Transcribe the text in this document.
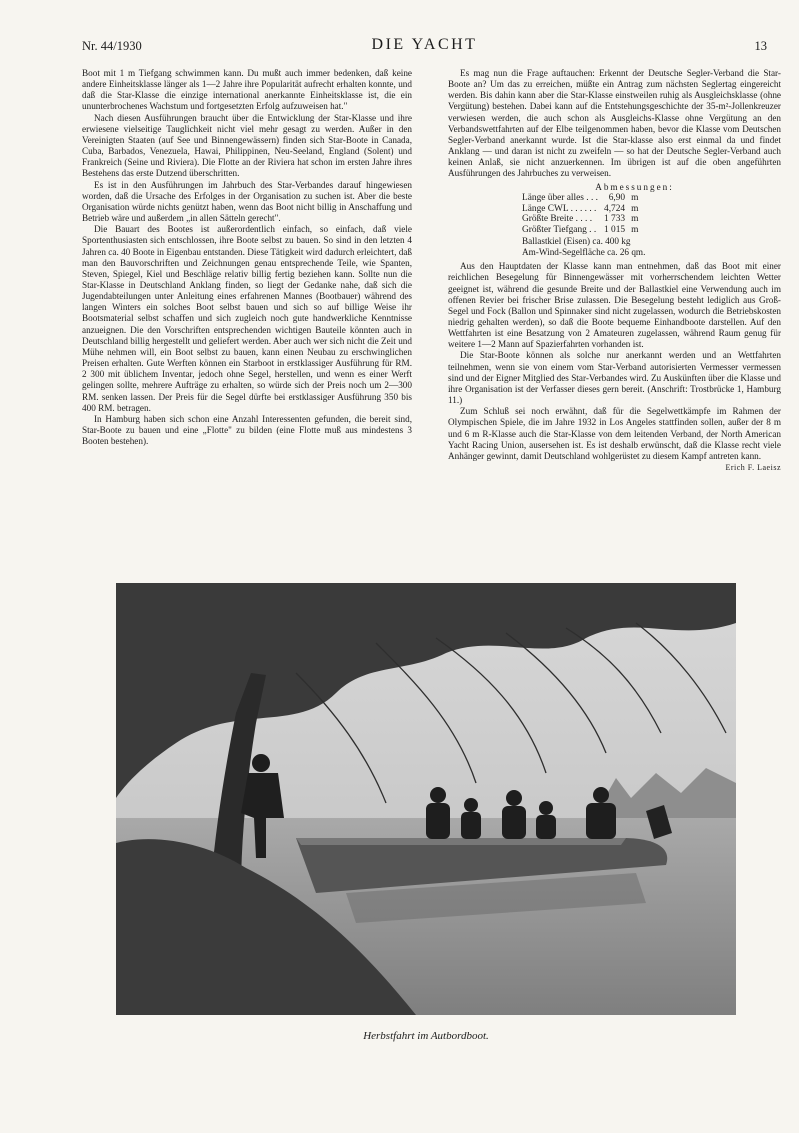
Nr. 44/1930	DIE YACHT	13

Boot mit 1 m Tiefgang schwimmen kann. Du mußt auch immer bedenken, daß keine andere Einheitsklasse länger als 1—2 Jahre ihre Popularität aufrecht erhalten konnte, und daß die Star-Klasse die einzige international anerkannte Einheitsklasse ist, die ein ununterbrochenes Wachstum und fortgesetzten Erfolg aufzuweisen hat."

Nach diesen Ausführungen braucht über die Entwicklung der Star-Klasse und ihre erwiesene vielseitige Tauglichkeit nicht viel mehr gesagt zu werden. Außer in den Vereinigten Staaten (auf See und Binnengewässern) finden sich Star-Boote in Canada, Cuba, Barbados, Venezuela, Hawai, Philippinen, Neu-Seeland, England (Solent) und Frankreich (Seine und Riviera). Die Flotte an der Riviera hat schon im ersten Jahre ihres Bestehens das erste Dutzend überschritten.

Es ist in den Ausführungen im Jahrbuch des Star-Verbandes darauf hingewiesen worden, daß die Ursache des Erfolges in der Organisation zu suchen ist. Aber die beste Organisation würde nichts genützt haben, wenn das Boot nicht billig in Anschaffung und Betrieb wäre und außerdem „in allen Sätteln gerecht".

Die Bauart des Bootes ist außerordentlich einfach, so einfach, daß viele Sportenthusiasten sich entschlossen, ihre Boote selbst zu bauen. So sind in den letzten 4 Jahren ca. 40 Boote in Eigenbau entstanden. Diese Tätigkeit wird dadurch erleichtert, daß man den Bauvorschriften und Zeichnungen genau entsprechende Teile, wie Spanten, Steven, Spiegel, Kiel und Beschläge relativ billig fertig beziehen kann. Sollte nun die Star-Klasse in Deutschland Anklang finden, so liegt der Gedanke nahe, daß sich die Jugendabteilungen unter Anleitung eines erfahrenen Mannes (Bootbauer) während des langen Winters ein solches Boot selbst bauen und sich so auf billige Weise ihr Bootsmaterial selbst schaffen und sich zugleich noch gute handwerkliche Kenntnisse anzueignen. Die den Vorschriften entsprechenden wichtigen Bauteile könnten auch in Deutschland billig hergestellt und geliefert werden. Aber auch wer sich nicht die Zeit und Mühe nehmen will, ein Boot selbst zu bauen, kann einen Neubau zu erschwinglichen Preisen erhalten. Gute Werften können ein Starboot in erstklassiger Ausführung für RM. 2 300 mit üblichem Inventar, jedoch ohne Segel, herstellen, und wenn es einer Werft gelingen sollte, mehrere Aufträge zu erhalten, so würde sich der Preis noch um 2—300 RM. senken lassen. Der Preis für die Segel dürfte bei erstklassiger Ausführung 350 bis 400 RM. betragen.

In Hamburg haben sich schon eine Anzahl Interessenten gefunden, die bereit sind, Star-Boote zu bauen und eine „Flotte" zu bilden (eine Flotte muß aus mindestens 3 Booten bestehen).

Es mag nun die Frage auftauchen: Erkennt der Deutsche Segler-Verband die Star-Boote an? Um das zu erreichen, müßte ein Antrag zum nächsten Seglertag eingereicht werden. Bis dahin kann aber die Star-Klasse einstweilen ruhig als Ausgleichsklasse (ohne Vergütung) bestehen. Dabei kann auf die Entstehungsgeschichte der 35-m²-Jollenkreuzer verwiesen werden, die auch schon als Ausgleichs-Klasse ohne Vergütung an den Verbandswettfahrten auf der Elbe teilgenommen haben, bevor die Klasse vom Deutschen Segler-Verband anerkannt wurde. Ist die Star-klasse also erst einmal da und findet Anklang — und daran ist nicht zu zweifeln — so hat der Deutsche Segler-Verband auch keinen Anlaß, sie nicht anzuerkennen. Im übrigen ist auf die oben angeführten Ausführungen des Jahrbuches zu verweisen.

Abmessungen:
Länge über alles . . .	6,90	m
Länge CWL . . . . . .	4,724	m
Größte Breite . . . .	1 733	m
Größter Tiefgang . .	1 015	m
Ballastkiel (Eisen) ca. 400 kg
Am-Wind-Segelfläche ca. 26 qm.

Aus den Hauptdaten der Klasse kann man entnehmen, daß das Boot mit einer reichlichen Besegelung für Binnengewässer mit vorherrschendem leichten Wetter geeignet ist, während die gesunde Breite und der Ballastkiel eine Verwendung auch im offenen Revier bei frischer Brise zulassen. Die Besegelung besteht lediglich aus Groß-Segel und Fock (Ballon und Spinnaker sind nicht zugelassen, wodurch die Betriebskosten niedrig gehalten werden), so daß die Boote bequeme Einhandboote darstellen. Auf den Wettfahrten ist eine Besatzung von 2 Amateuren zugelassen, während Raum genug für weitere 1—2 Mann auf Spazierfahrten vorhanden ist.

Die Star-Boote können als solche nur anerkannt werden und an Wettfahrten teilnehmen, wenn sie von einem vom Star-Verband autorisierten Vermesser vermessen sind und der Eigner Mitglied des Star-Verbandes wird. Zu Auskünften über die Klasse und ihre Organisation ist der Verfasser dieses gern bereit. (Anschrift: Trostbrücke 1, Hamburg 11.)

Zum Schluß sei noch erwähnt, daß für die Segelwettkämpfe im Rahmen der Olympischen Spiele, die im Jahre 1932 in Los Angeles stattfinden sollen, außer der 8 m und 6 m R-Klasse auch die Star-Klasse von dem leitenden Verband, der North American Yacht Racing Union, ausersehen ist. Es ist deshalb erwünscht, daß die Klasse recht viele Anhänger gewinnt, damit Deutschland wohlgerüstet zu diesem Kampf antreten kann.

Erich F. Laeisz
Herbstfahrt im Autbordboot.
